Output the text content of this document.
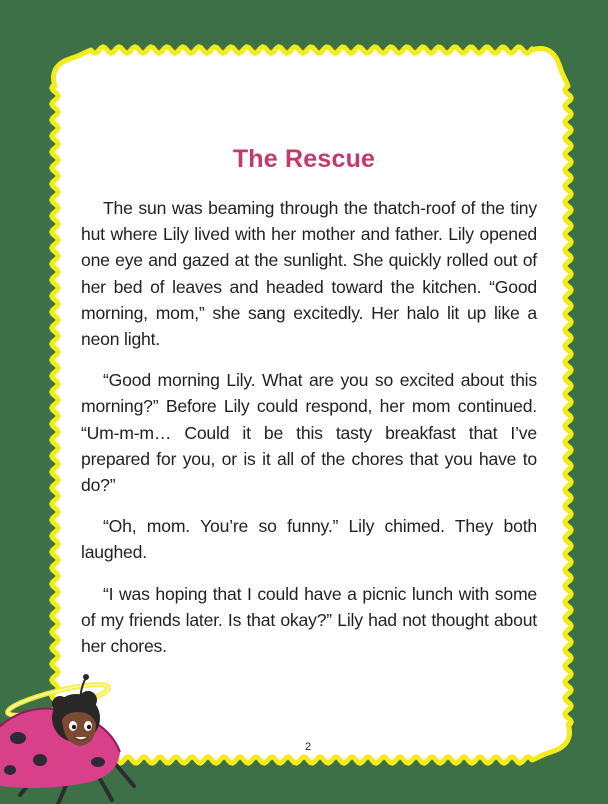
The Rescue

The sun was beaming through the thatch-roof of the tiny hut where Lily lived with her mother and father. Lily opened one eye and gazed at the sunlight. She quickly rolled out of her bed of leaves and headed toward the kitchen. “Good morning, mom,” she sang excitedly. Her halo lit up like a neon light.

“Good morning Lily. What are you so excited about this morning?” Before Lily could respond, her mom continued. “Um-m-m… Could it be this tasty breakfast that I’ve prepared for you, or is it all of the chores that you have to do?”

“Oh, mom. You’re so funny.” Lily chimed. They both laughed.

“I was hoping that I could have a picnic lunch with some of my friends later. Is that okay?” Lily had not thought about her chores.

2
